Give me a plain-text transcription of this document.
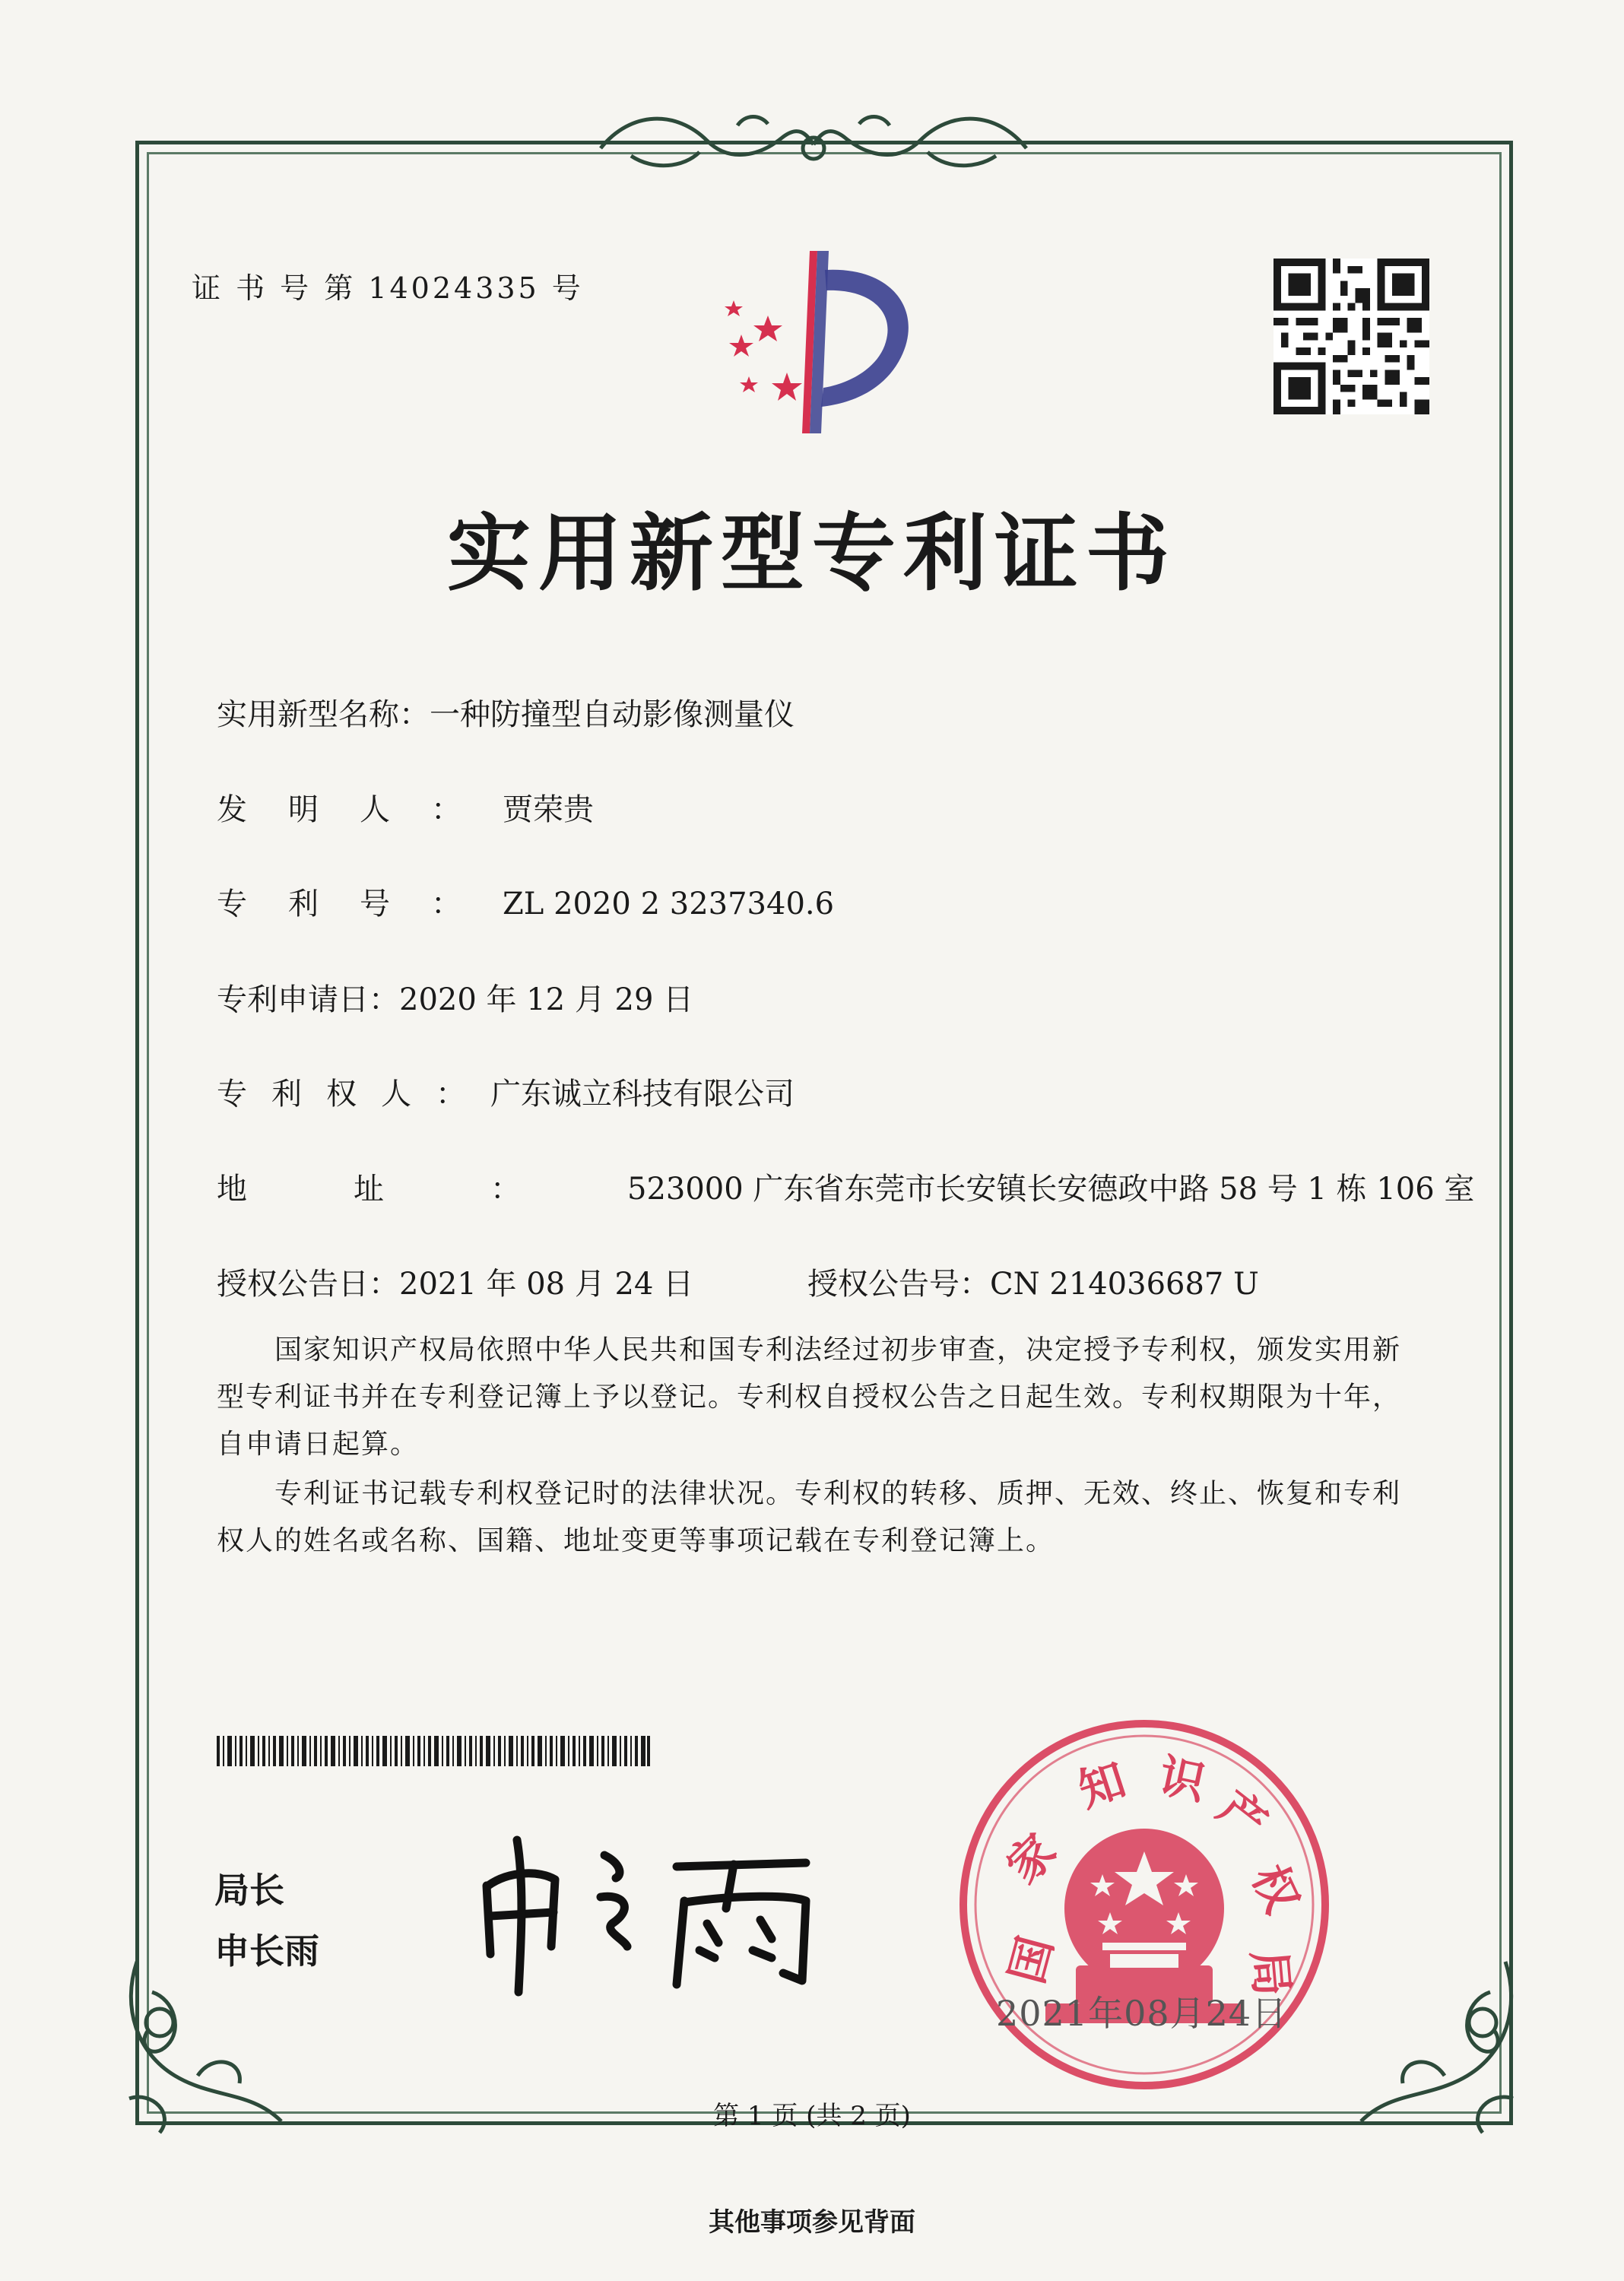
证 书 号 第 14024335 号
实用新型专利证书
实用新型名称：一种防撞型自动影像测量仪
发明人：贾荣贵
专利号：ZL 2020 2 3237340.6
专利申请日：2020 年 12 月 29 日
专利权人：广东诚立科技有限公司
地址：523000 广东省东莞市长安镇长安德政中路 58 号 1 栋 106 室
授权公告日：2021 年 08 月 24 日	授权公告号：CN 214036687 U
国家知识产权局依照中华人民共和国专利法经过初步审查，决定授予专利权，颁发实用新型专利证书并在专利登记簿上予以登记。专利权自授权公告之日起生效。专利权期限为十年，自申请日起算。
专利证书记载专利权登记时的法律状况。专利权的转移、质押、无效、终止、恢复和专利权人的姓名或名称、国籍、地址变更等事项记载在专利登记簿上。
局长
申长雨	国
家
知 识
产
权
局
2021年08月24日
第 1 页 (共 2 页)
其他事项参见背面
